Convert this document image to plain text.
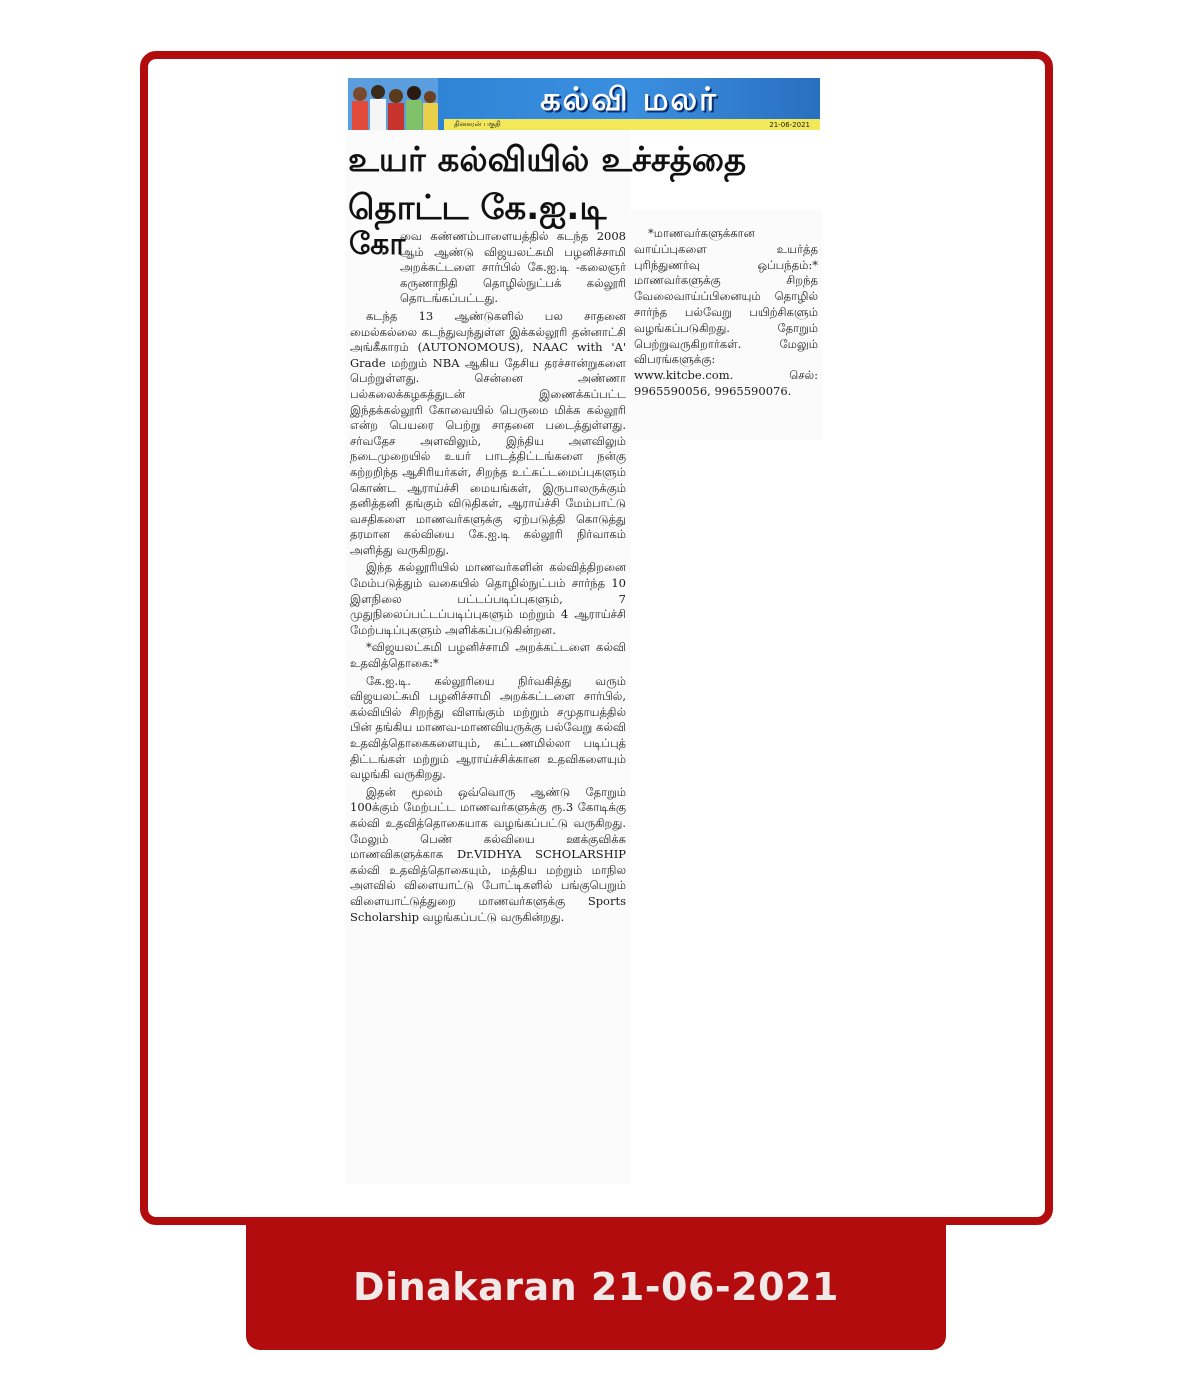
கல்வி மலர்
தினகரன் பகுதி	21-06-2021
உயர் கல்வியில் உச்சத்தை
தொட்ட கே.ஐ.டி
கோ

வை கண்ணம்பாளையத்தில் கடந்த 2008 ஆம் ஆண்டு விஜயலட்சுமி பழனிச்சாமி அறக்கட்டளை சார்பில் கே.ஐ.டி -கலைஞர் கருணாநிதி தொழில்நுட்பக் கல்லூரி தொடங்கப்பட்டது.

கடந்த 13 ஆண்டுகளில் பல சாதனை மைல்கல்லை கடந்துவந்துள்ள இக்கல்லூரி தன்னாட்சி அங்கீகாரம் (AUTONOMOUS), NAAC with 'A' Grade மற்றும் NBA ஆகிய தேசிய தரச்சான்றுகளை பெற்றுள்ளது. சென்னை அண்ணா பல்கலைக்கழகத்துடன் இணைக்கப்பட்ட இந்தக்கல்லூரி கோவையில் பெருமை மிக்க கல்லூரி என்ற பெயரை பெற்று சாதனை படைத்துள்ளது. சர்வதேச அளவிலும், இந்திய அளவிலும் நடைமுறையில் உயர் பாடத்திட்டங்களை நன்கு கற்றறிந்த ஆசிரியர்கள், சிறந்த உட்கட்டமைப்புகளும் கொண்ட ஆராய்ச்சி மையங்கள், இருபாலருக்கும் தனித்தனி தங்கும் விடுதிகள், ஆராய்ச்சி மேம்பாட்டு வசதிகளை மாணவர்களுக்கு ஏற்படுத்தி கொடுத்து தரமான கல்வியை கே.ஐ.டி கல்லூரி நிர்வாகம் அளித்து வருகிறது.

இந்த கல்லூரியில் மாணவர்களின் கல்வித்திறனை மேம்படுத்தும் வகையில் தொழில்நுட்பம் சார்ந்த 10 இளநிலை பட்டப்படிப்புகளும், 7 முதுநிலைப்பட்டப்படிப்புகளும் மற்றும் 4 ஆராய்ச்சி மேற்படிப்புகளும் அளிக்கப்படுகின்றன.

*விஜயலட்சுமி பழனிச்சாமி அறக்கட்டளை கல்வி உதவித்தொகை:*

கே.ஐ.டி. கல்லூரியை நிர்வகித்து வரும் விஜயலட்சுமி பழனிச்சாமி அறக்கட்டளை சார்பில், கல்வியில் சிறந்து விளங்கும் மற்றும் சமுதாயத்தில் பின் தங்கிய மாணவ-மாணவியருக்கு பல்வேறு கல்வி உதவித்தொகைகளையும், கட்டணமில்லா படிப்புத் திட்டங்கள் மற்றும் ஆராய்ச்சிக்கான உதவிகளையும் வழங்கி வருகிறது.

இதன் மூலம் ஒவ்வொரு ஆண்டு தோறும் 100க்கும் மேற்பட்ட மாணவர்களுக்கு ரூ.3 கோடிக்கு கல்வி உதவித்தொகையாக வழங்கப்பட்டு வருகிறது. மேலும் பெண் கல்வியை ஊக்குவிக்க மாணவிகளுக்காக Dr.VIDHYA SCHOLARSHIP கல்வி உதவித்தொகையும், மத்திய மற்றும் மாநில அளவில் விளையாட்டு போட்டிகளில் பங்குபெறும் விளையாட்டுத்துறை மாணவர்களுக்கு Sports Scholarship வழங்கப்பட்டு வருகின்றது.

*மாணவர்களுக்கான வாய்ப்புகளை உயர்த்த புரிந்துணர்வு ஒப்பந்தம்:* மாணவர்களுக்கு சிறந்த வேலைவாய்ப்பினையும் தொழில் சார்ந்த பல்வேறு பயிற்சிகளும் வழங்கப்படுகிறது. தோறும் பெற்றுவருகிறார்கள். மேலும் விபரங்களுக்கு: www.kitcbe.com. செல்: 9965590056, 9965590076.

Dinakaran 21-06-2021
